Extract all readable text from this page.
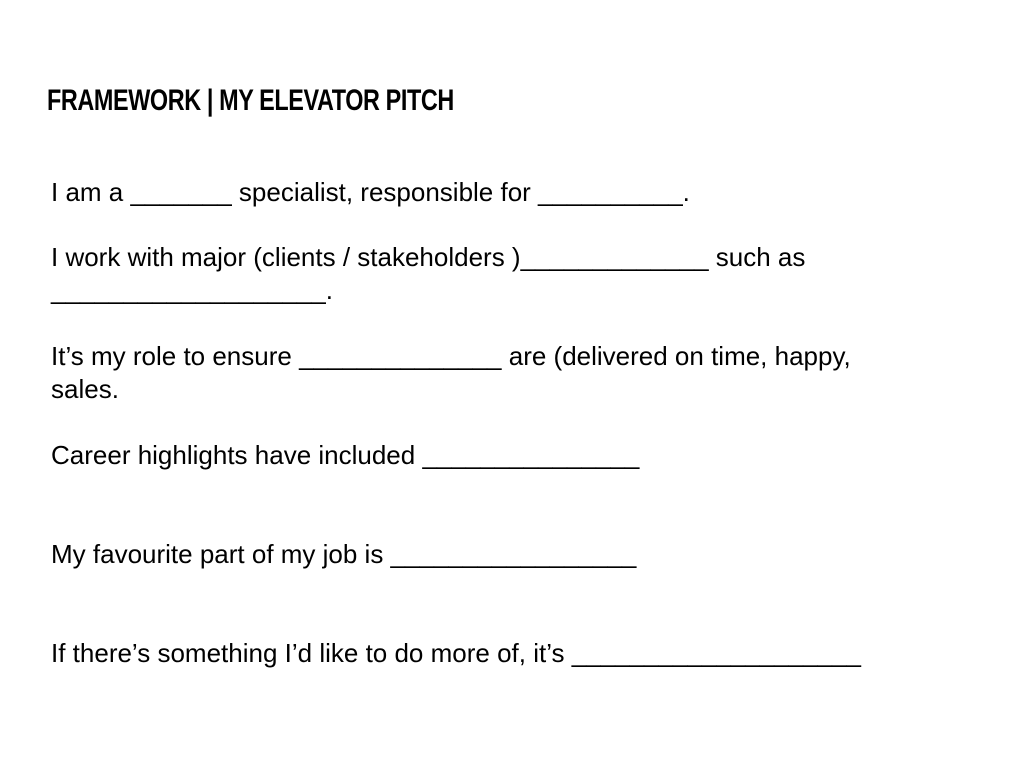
FRAMEWORK | MY ELEVATOR PITCH

I am a _______ specialist, responsible for __________.

I work with major (clients / stakeholders )_____________ such as ___________________.

It’s my role to ensure ______________ are (delivered on time, happy, sales.

Career highlights have included _______________

My favourite part of my job is _________________

If there’s something I’d like to do more of, it’s ____________________
